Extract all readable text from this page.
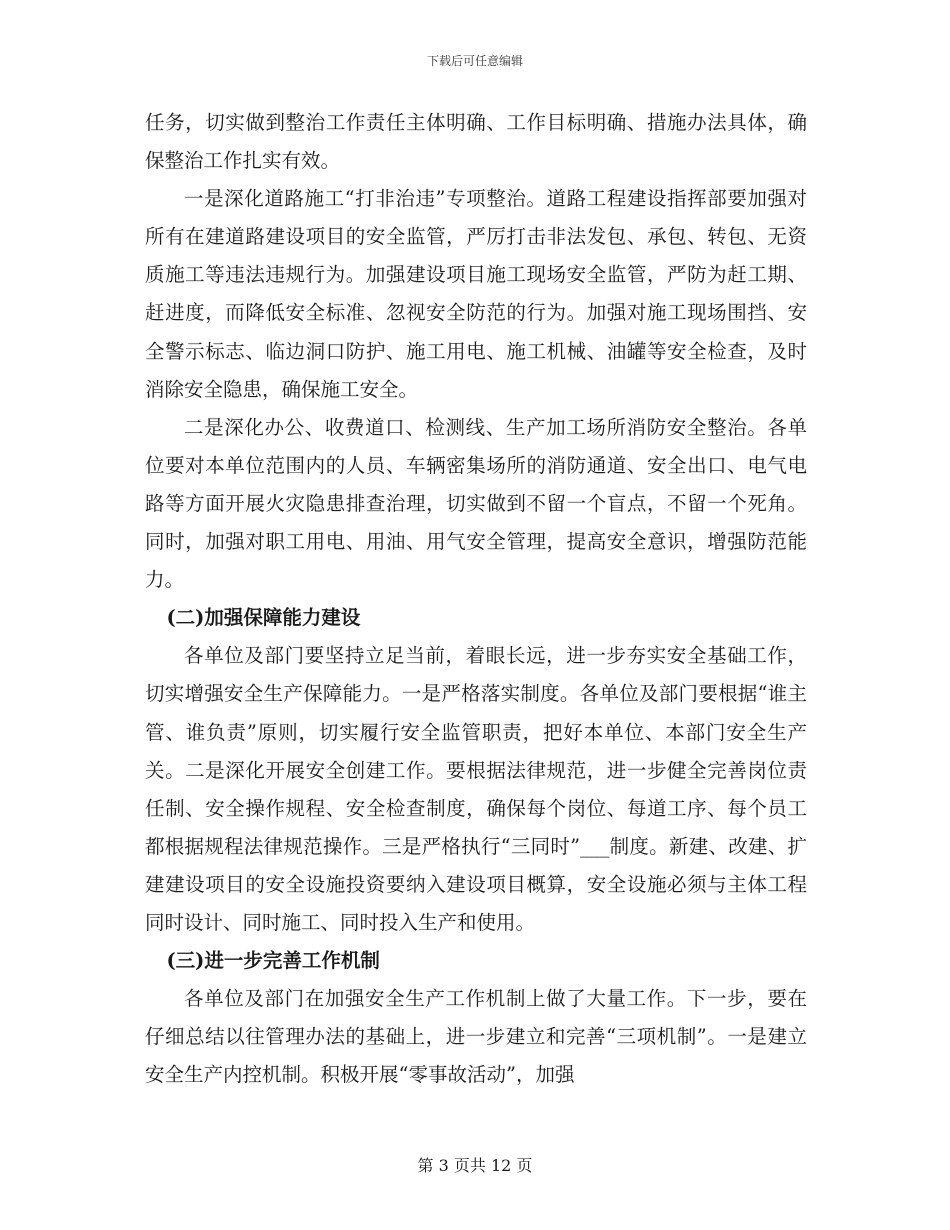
下载后可任意编辑

任务，切实做到整治工作责任主体明确、工作目标明确、措施办法具体，确保整治工作扎实有效。

一是深化道路施工“打非治违”专项整治。道路工程建设指挥部要加强对所有在建道路建设项目的安全监管，严厉打击非法发包、承包、转包、无资质施工等违法违规行为。加强建设项目施工现场安全监管，严防为赶工期、赶进度，而降低安全标准、忽视安全防范的行为。加强对施工现场围挡、安全警示标志、临边洞口防护、施工用电、施工机械、油罐等安全检查，及时消除安全隐患，确保施工安全。

二是深化办公、收费道口、检测线、生产加工场所消防安全整治。各单位要对本单位范围内的人员、车辆密集场所的消防通道、安全出口、电气电路等方面开展火灾隐患排查治理，切实做到不留一个盲点，不留一个死角。同时，加强对职工用电、用油、用气安全管理，提高安全意识，增强防范能力。

(二)加强保障能力建设

各单位及部门要坚持立足当前，着眼长远，进一步夯实安全基础工作，切实增强安全生产保障能力。一是严格落实制度。各单位及部门要根据“谁主管、谁负责”原则，切实履行安全监管职责，把好本单位、本部门安全生产关。二是深化开展安全创建工作。要根据法律规范，进一步健全完善岗位责任制、安全操作规程、安全检查制度，确保每个岗位、每道工序、每个员工都根据规程法律规范操作。三是严格执行“三同时”___制度。新建、改建、扩建建设项目的安全设施投资要纳入建设项目概算，安全设施必须与主体工程同时设计、同时施工、同时投入生产和使用。

(三)进一步完善工作机制

各单位及部门在加强安全生产工作机制上做了大量工作。下一步，要在仔细总结以往管理办法的基础上，进一步建立和完善“三项机制”。一是建立安全生产内控机制。积极开展“零事故活动”，加强

第 3 页共 12 页
